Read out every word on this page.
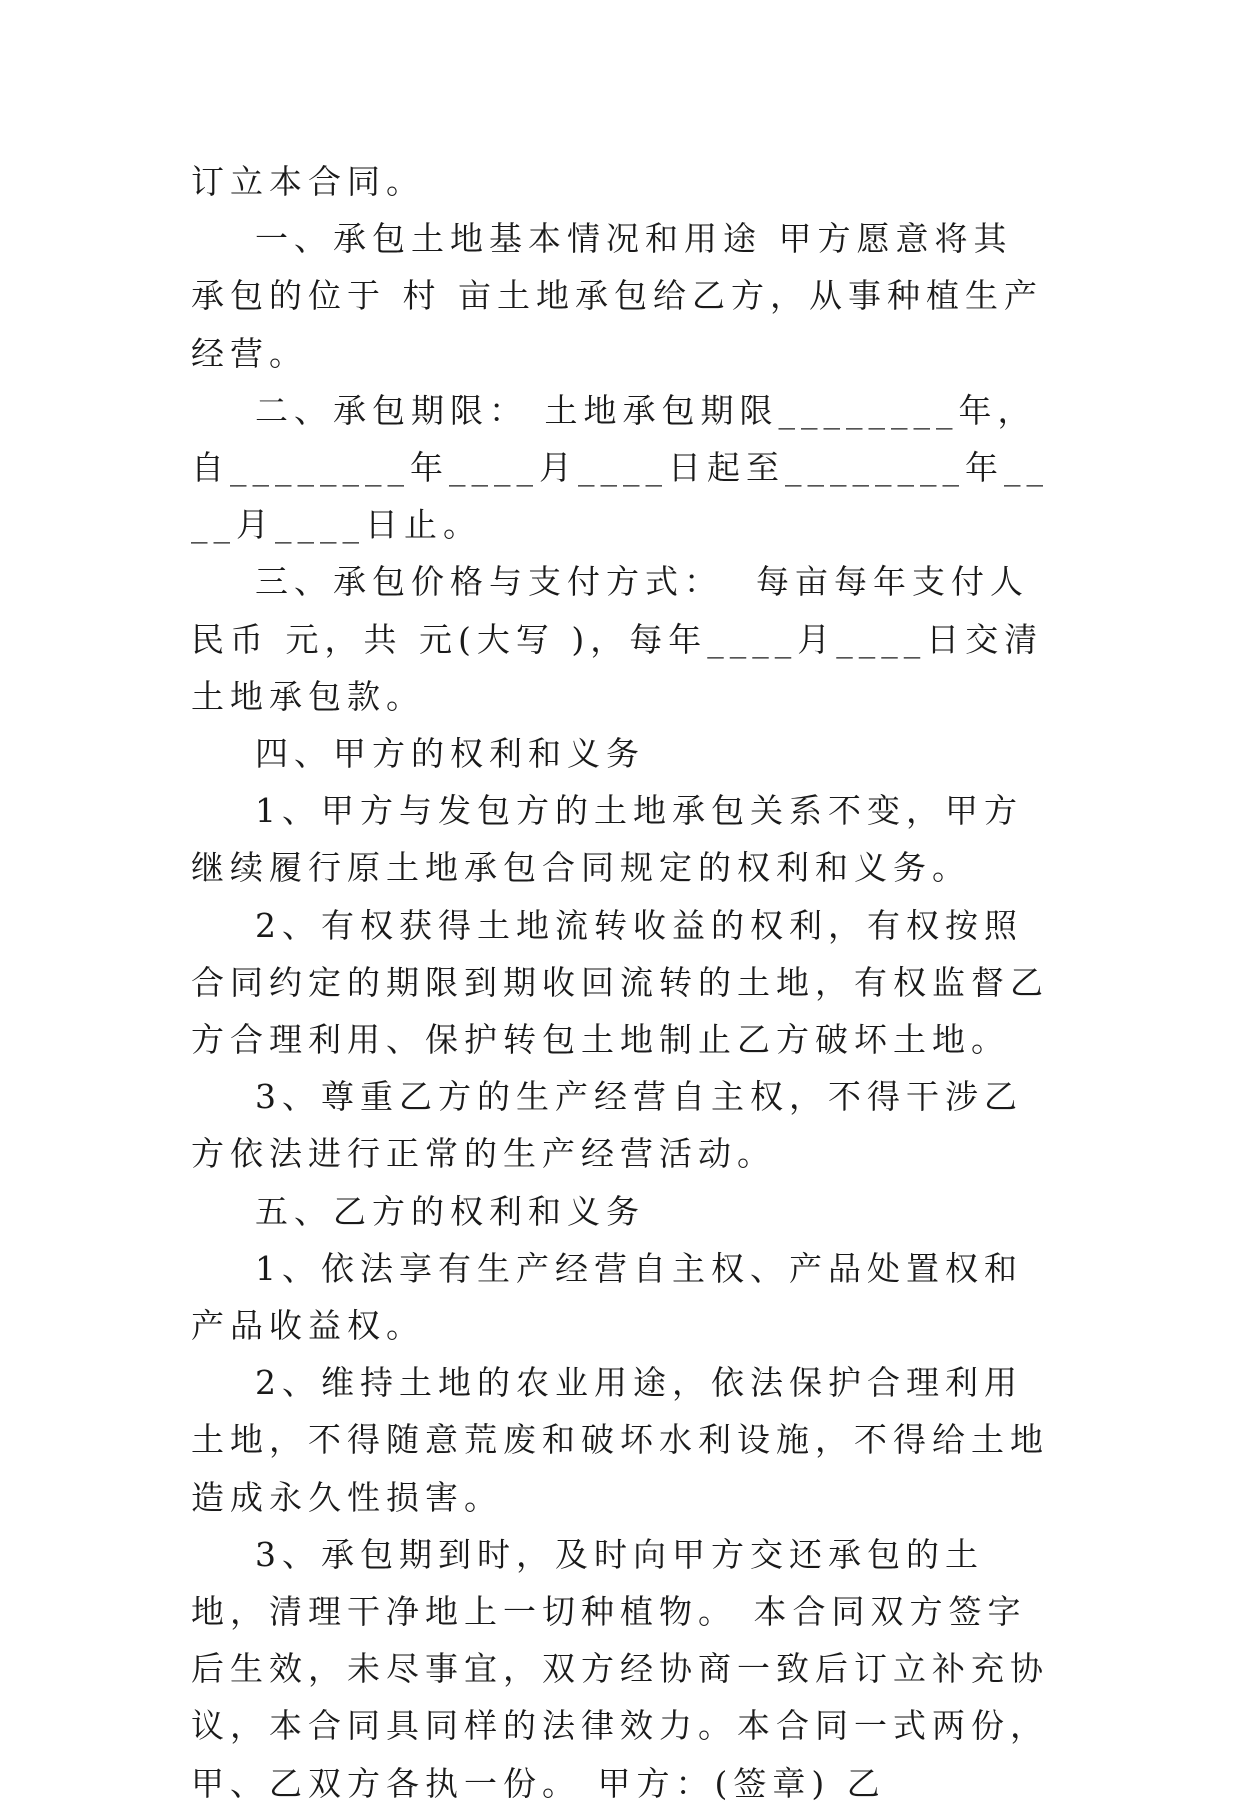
订立本合同。

一、承包土地基本情况和用途 甲方愿意将其承包的位于 村 亩土地承包给乙方，从事种植生产经营。

二、承包期限： 土地承包期限________年，自________年____月____日起至________年____月____日止。

三、承包价格与支付方式：  每亩每年支付人民币 元，共 元(大写 )，每年____月____日交清土地承包款。

四、甲方的权利和义务

1、甲方与发包方的土地承包关系不变，甲方继续履行原土地承包合同规定的权利和义务。

2、有权获得土地流转收益的权利，有权按照合同约定的期限到期收回流转的土地，有权监督乙方合理利用、保护转包土地制止乙方破坏土地。

3、尊重乙方的生产经营自主权，不得干涉乙方依法进行正常的生产经营活动。

五、乙方的权利和义务

1、依法享有生产经营自主权、产品处置权和产品收益权。

2、维持土地的农业用途，依法保护合理利用土地，不得随意荒废和破坏水利设施，不得给土地造成永久性损害。

3、承包期到时，及时向甲方交还承包的土地，清理干净地上一切种植物。 本合同双方签字后生效，未尽事宜，双方经协商一致后订立补充协议，本合同具同样的法律效力。本合同一式两份，甲、乙双方各执一份。 甲方：(签章) 乙
